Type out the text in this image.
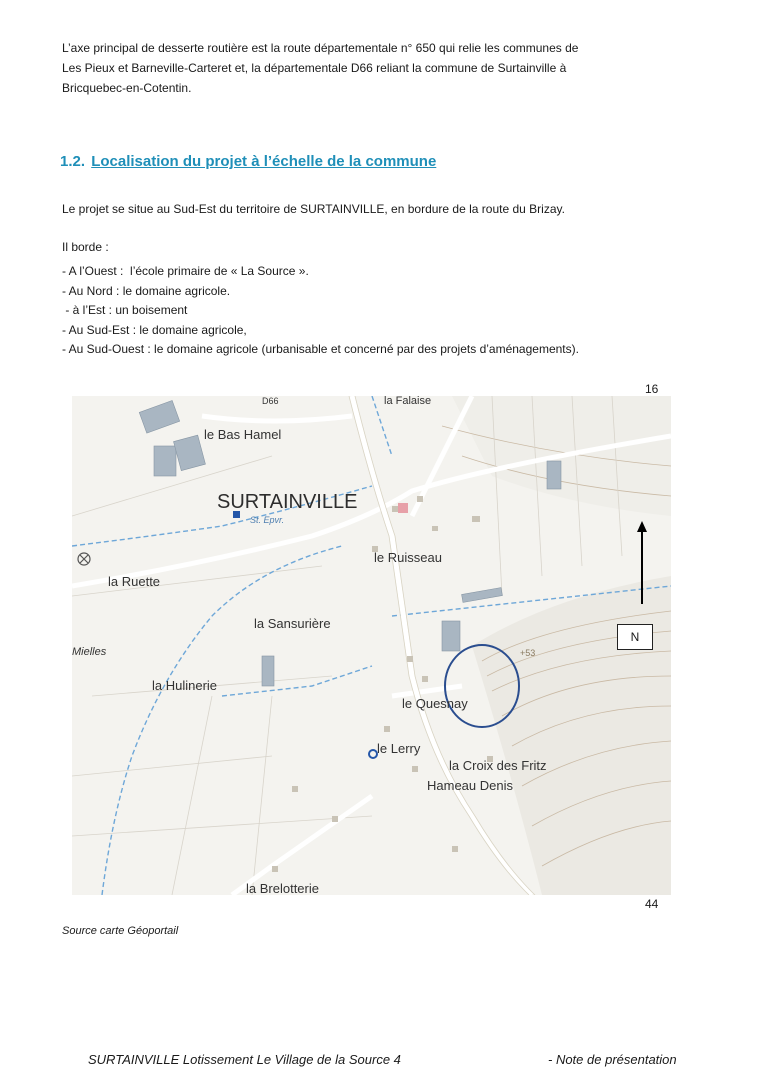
L’axe principal de desserte routière est la route départementale n° 650 qui relie les communes de
Les Pieux et Barneville-Carteret et, la départementale D66 reliant la commune de Surtainville à
Bricquebec-en-Cotentin.
1.2. Localisation du projet à l’échelle de la commune

Le projet se situe au Sud-Est du territoire de SURTAINVILLE, en bordure de la route du Brizay.

Il borde :

- A l’Ouest :  l’école primaire de « La Source ».
- Au Nord : le domaine agricole.
- à l’Est : un boisement
- Au Sud-Est : le domaine agricole,
- Au Sud-Ouest : le domaine agricole (urbanisable et concerné par des projets d’aménagements).
16
le Bas Hamel
SURTAINVILLE
St. Epvr.
la Falaise
le Ruisseau
la Ruette
la Sansurière
Mielles
la Hulinerie
le Quesnay
le Lerry
la Croix des Fritz
Hameau Denis
la Brelotterie
D66
+53
N
44
Source carte Géoportail
SURTAINVILLE Lotissement Le Village de la Source 4	- Note de présentation
